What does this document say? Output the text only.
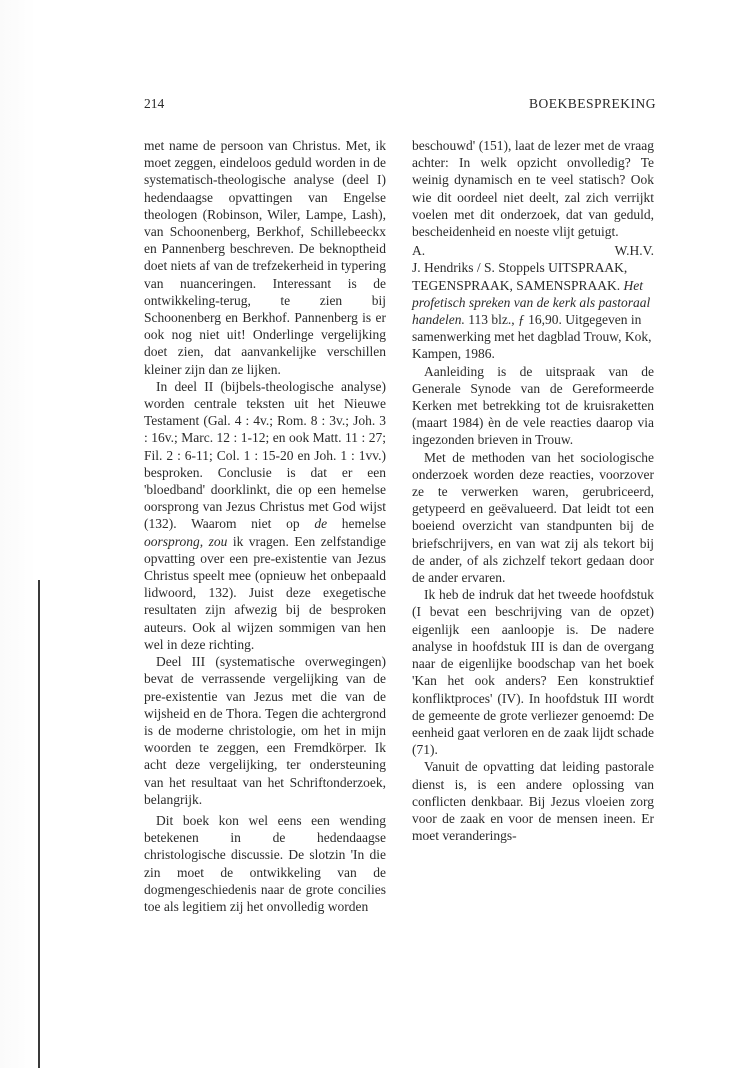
214	BOEKBESPREKING

met name de persoon van Christus. Met, ik moet zeggen, eindeloos geduld worden in de systematisch-theologische analyse (deel I) hedendaagse opvattingen van Engelse theologen (Robinson, Wiler, Lampe, Lash), van Schoonenberg, Berkhof, Schillebeeckx en Pannenberg beschreven. De beknoptheid doet niets af van de trefzekerheid in typering van nuanceringen. Interessant is de ontwikkeling-terug, te zien bij Schoonenberg en Berkhof. Pannenberg is er ook nog niet uit! Onderlinge vergelijking doet zien, dat aanvankelijke verschillen kleiner zijn dan ze lijken.

In deel II (bijbels-theologische analyse) worden centrale teksten uit het Nieuwe Testament (Gal. 4 : 4v.; Rom. 8 : 3v.; Joh. 3 : 16v.; Marc. 12 : 1-12; en ook Matt. 11 : 27; Fil. 2 : 6-11; Col. 1 : 15-20 en Joh. 1 : 1vv.) besproken. Conclusie is dat er een 'bloedband' doorklinkt, die op een hemelse oorsprong van Jezus Christus met God wijst (132). Waarom niet op de hemelse oorsprong, zou ik vragen. Een zelfstandige opvatting over een pre-existentie van Jezus Christus speelt mee (opnieuw het onbepaald lidwoord, 132). Juist deze exegetische resultaten zijn afwezig bij de besproken auteurs. Ook al wijzen sommigen van hen wel in deze richting.

Deel III (systematische overwegingen) bevat de verrassende vergelijking van de pre-existentie van Jezus met die van de wijsheid en de Thora. Tegen die achtergrond is de moderne christologie, om het in mijn woorden te zeggen, een Fremdkörper. Ik acht deze vergelijking, ter ondersteuning van het resultaat van het Schriftonderzoek, belangrijk.

Dit boek kon wel eens een wending betekenen in de hedendaagse christologische discussie. De slotzin 'In die zin moet de ontwikkeling van de dogmengeschiedenis naar de grote concilies toe als legitiem zij het onvolledig worden

beschouwd' (151), laat de lezer met de vraag achter: In welk opzicht onvolledig? Te weinig dynamisch en te veel statisch? Ook wie dit oordeel niet deelt, zal zich verrijkt voelen met dit onderzoek, dat van geduld, bescheidenheid en noeste vlijt getuigt.

A.	W.H.V.

J. Hendriks / S. Stoppels UITSPRAAK, TEGENSPRAAK, SAMENSPRAAK. Het profetisch spreken van de kerk als pastoraal handelen. 113 blz., ƒ 16,90. Uitgegeven in samenwerking met het dagblad Trouw, Kok, Kampen, 1986.

Aanleiding is de uitspraak van de Generale Synode van de Gereformeerde Kerken met betrekking tot de kruisraketten (maart 1984) èn de vele reacties daarop via ingezonden brieven in Trouw.

Met de methoden van het sociologische onderzoek worden deze reacties, voorzover ze te verwerken waren, gerubriceerd, getypeerd en geëvalueerd. Dat leidt tot een boeiend overzicht van standpunten bij de briefschrijvers, en van wat zij als tekort bij de ander, of als zichzelf tekort gedaan door de ander ervaren.

Ik heb de indruk dat het tweede hoofdstuk (I bevat een beschrijving van de opzet) eigenlijk een aanloopje is. De nadere analyse in hoofdstuk III is dan de overgang naar de eigenlijke boodschap van het boek 'Kan het ook anders? Een konstruktief konfliktproces' (IV). In hoofdstuk III wordt de gemeente de grote verliezer genoemd: De eenheid gaat verloren en de zaak lijdt schade (71).

Vanuit de opvatting dat leiding pastorale dienst is, is een andere oplossing van conflicten denkbaar. Bij Jezus vloeien zorg voor de zaak en voor de mensen ineen. Er moet veranderings-
